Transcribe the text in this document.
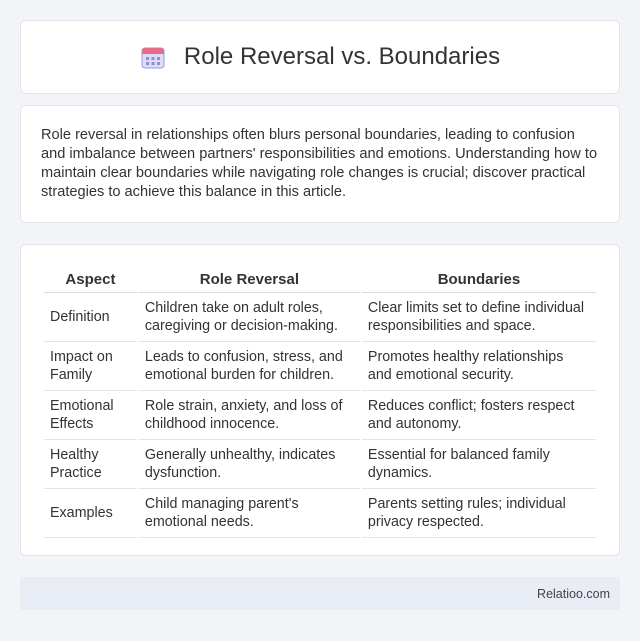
Role Reversal vs. Boundaries

Role reversal in relationships often blurs personal boundaries, leading to confusion and imbalance between partners' responsibilities and emotions. Understanding how to maintain clear boundaries while navigating role changes is crucial; discover practical strategies to achieve this balance in this article.

Aspect	Role Reversal	Boundaries
Definition	Children take on adult roles, caregiving or decision-making.	Clear limits set to define individual responsibilities and space.
Impact on Family	Leads to confusion, stress, and emotional burden for children.	Promotes healthy relationships and emotional security.
Emotional Effects	Role strain, anxiety, and loss of childhood innocence.	Reduces conflict; fosters respect and autonomy.
Healthy Practice	Generally unhealthy, indicates dysfunction.	Essential for balanced family dynamics.
Examples	Child managing parent's emotional needs.	Parents setting rules; individual privacy respected.
Relatioo.com
